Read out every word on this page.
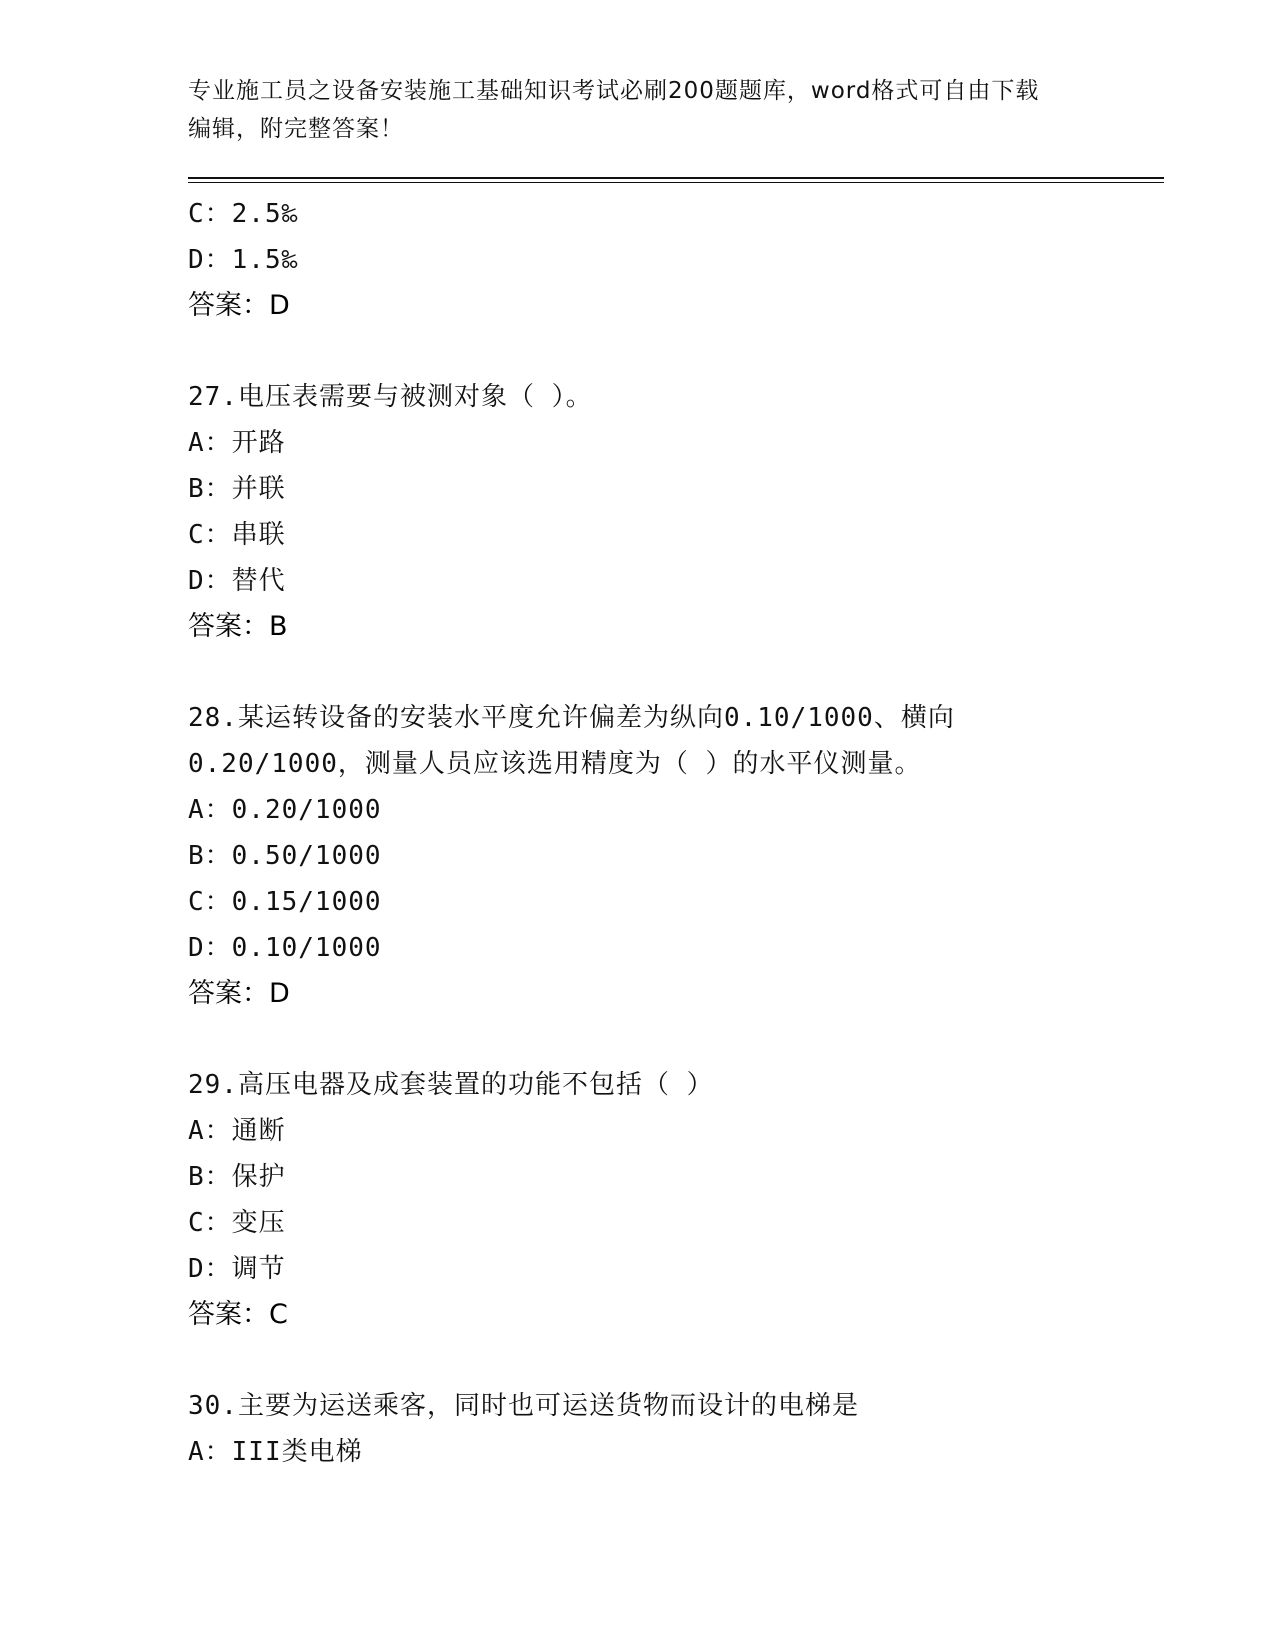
专业施工员之设备安装施工基础知识考试必刷200题题库，word格式可自由下载
编辑，附完整答案！
C：2.5‰
D：1.5‰
答案：D
27.电压表需要与被测对象（ ）。
A：开路
B：并联
C：串联
D：替代
答案：B
28.某运转设备的安装水平度允许偏差为纵向0.10/1000、横向
0.20/1000，测量人员应该选用精度为（ ）的水平仪测量。
A：0.20/1000
B：0.50/1000
C：0.15/1000
D：0.10/1000
答案：D
29.高压电器及成套装置的功能不包括（ ）
A：通断
B：保护
C：变压
D：调节
答案：C
30.主要为运送乘客，同时也可运送货物而设计的电梯是
A：III类电梯
